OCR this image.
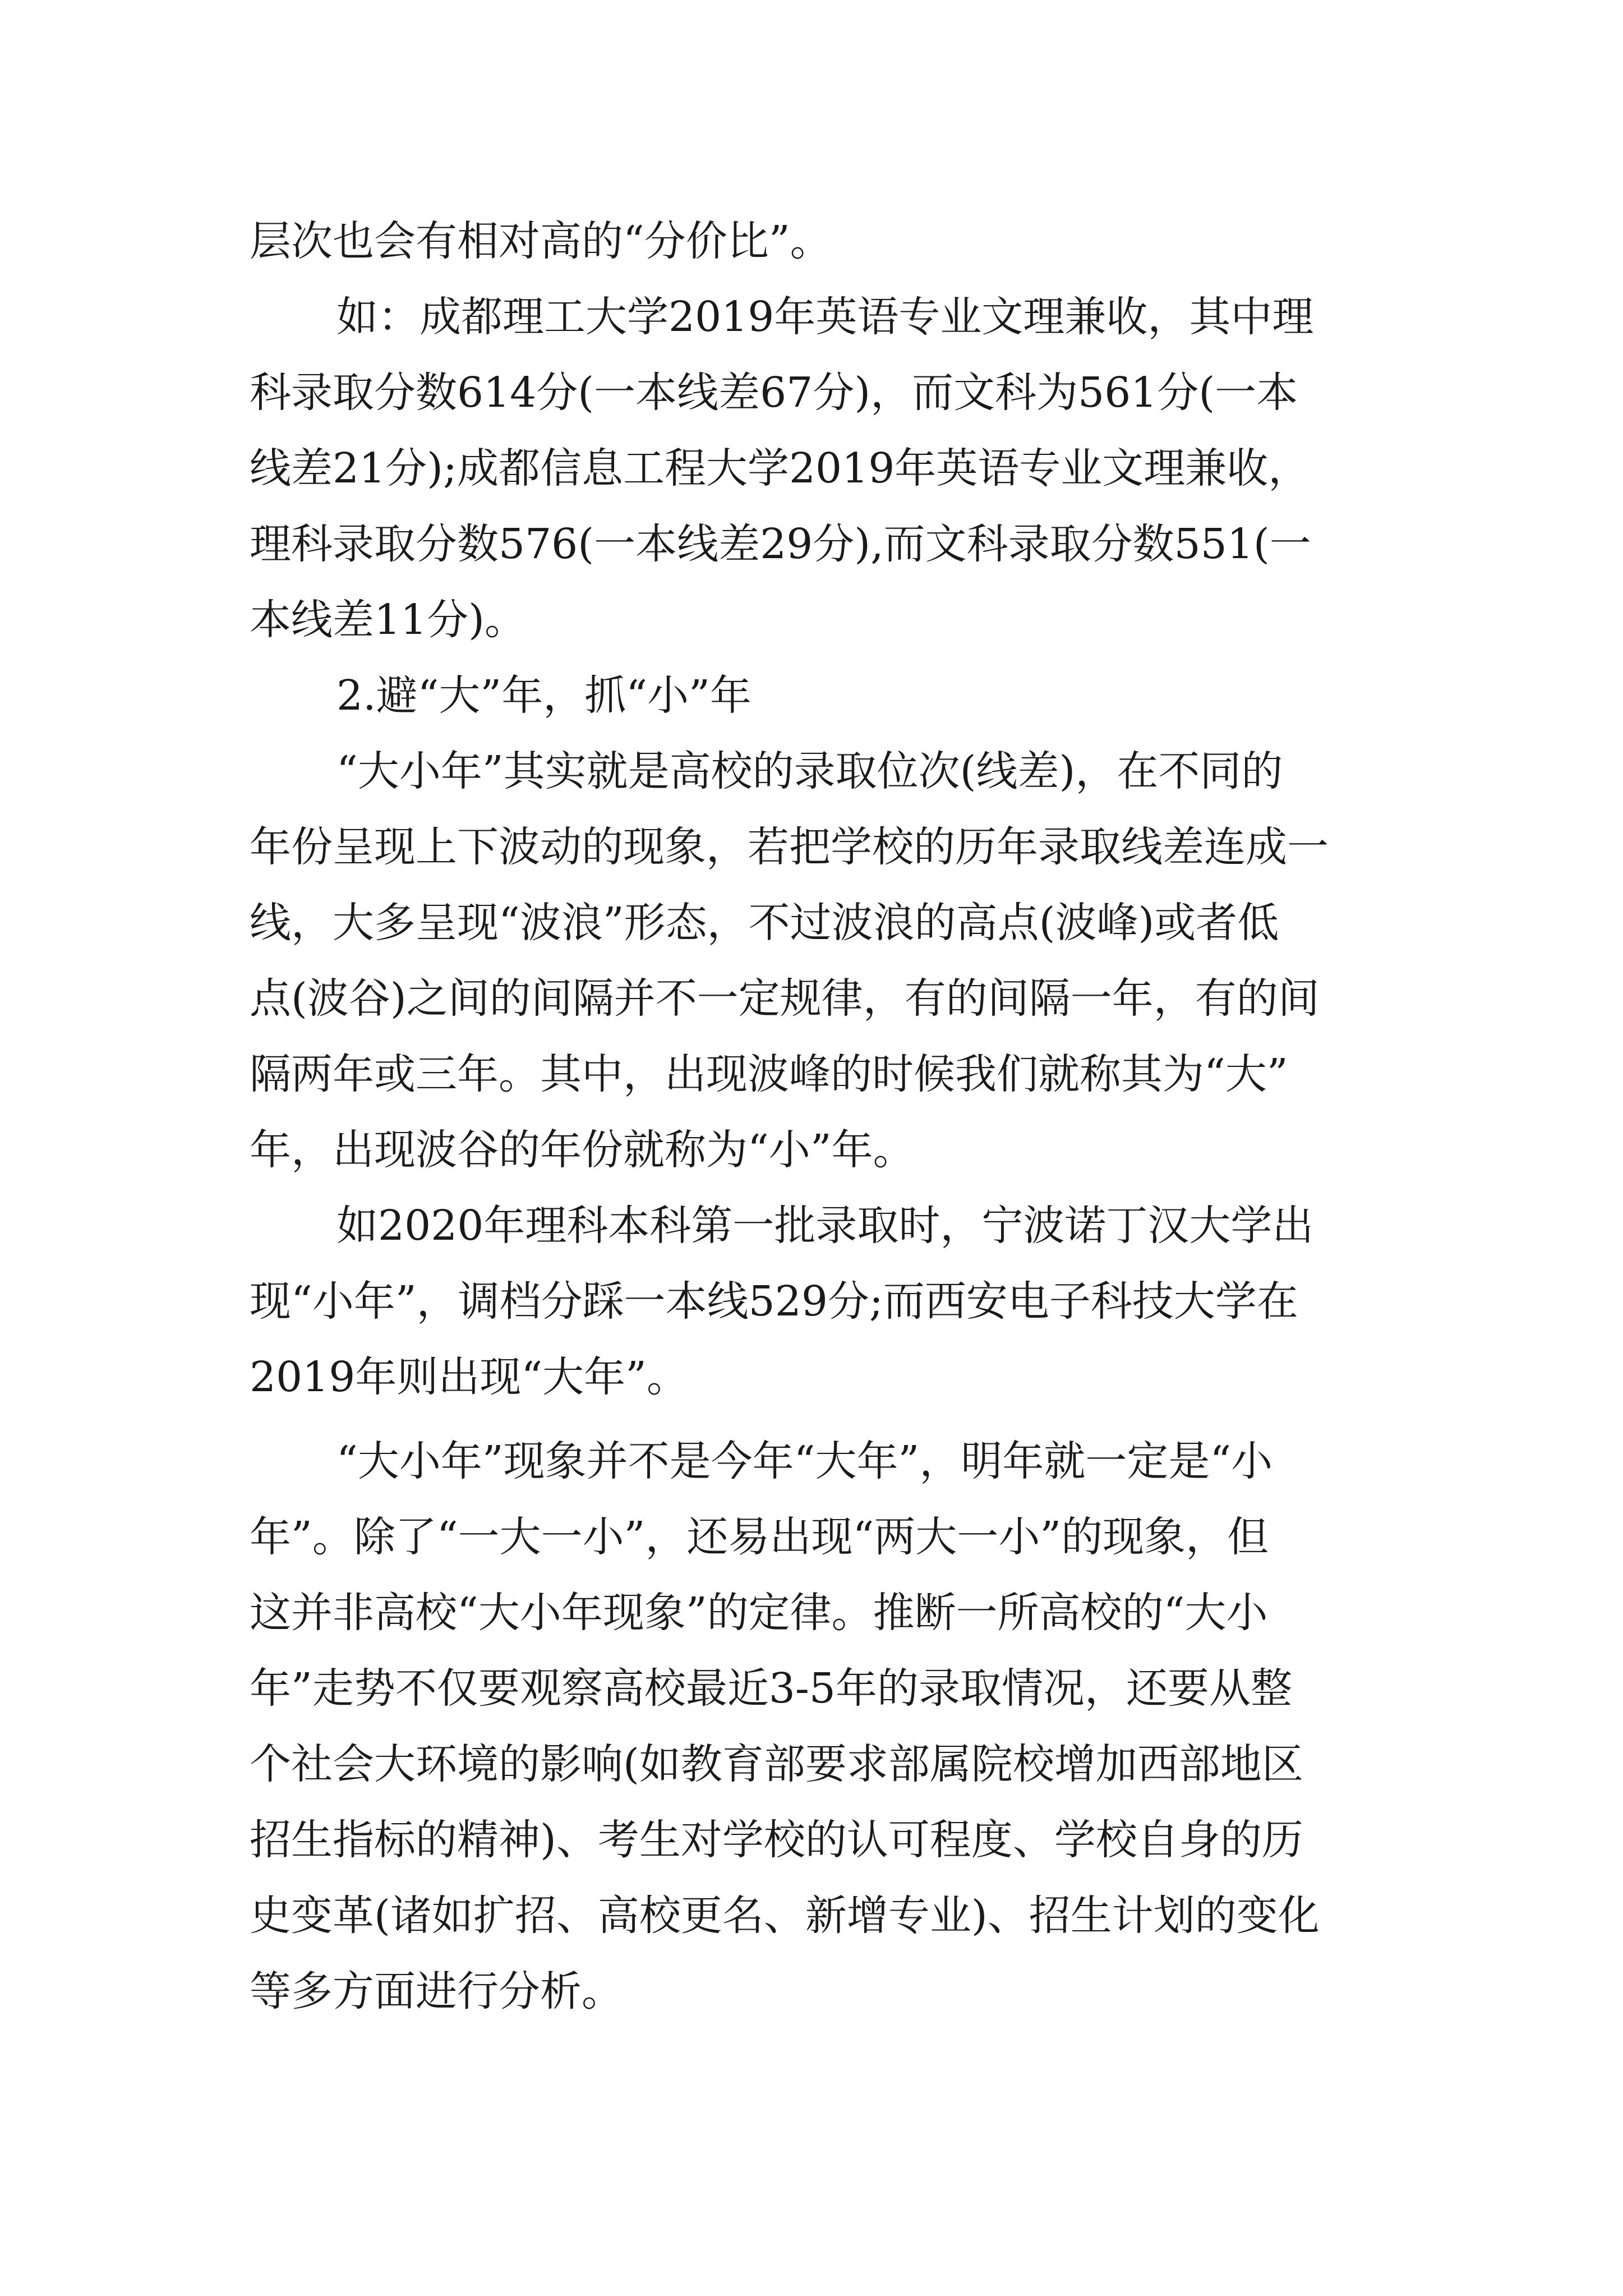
层次也会有相对高的“分价比”。
如：成都理工大学2019年英语专业文理兼收，其中理
科录取分数614分(一本线差67分)，而文科为561分(一本
线差21分);成都信息工程大学2019年英语专业文理兼收，
理科录取分数576(一本线差29分),而文科录取分数551(一
本线差11分)。
2.避“大”年，抓“小”年
“大小年”其实就是高校的录取位次(线差)，在不同的
年份呈现上下波动的现象，若把学校的历年录取线差连成一
线，大多呈现“波浪”形态，不过波浪的高点(波峰)或者低
点(波谷)之间的间隔并不一定规律，有的间隔一年，有的间
隔两年或三年。其中，出现波峰的时候我们就称其为“大”
年，出现波谷的年份就称为“小”年。
如2020年理科本科第一批录取时，宁波诺丁汉大学出
现“小年”，调档分踩一本线529分;而西安电子科技大学在
2019年则出现“大年”。
“大小年”现象并不是今年“大年”，明年就一定是“小
年”。除了“一大一小”，还易出现“两大一小”的现象，但
这并非高校“大小年现象”的定律。推断一所高校的“大小
年”走势不仅要观察高校最近3-5年的录取情况，还要从整
个社会大环境的影响(如教育部要求部属院校增加西部地区
招生指标的精神)、考生对学校的认可程度、学校自身的历
史变革(诸如扩招、高校更名、新增专业)、招生计划的变化
等多方面进行分析。
